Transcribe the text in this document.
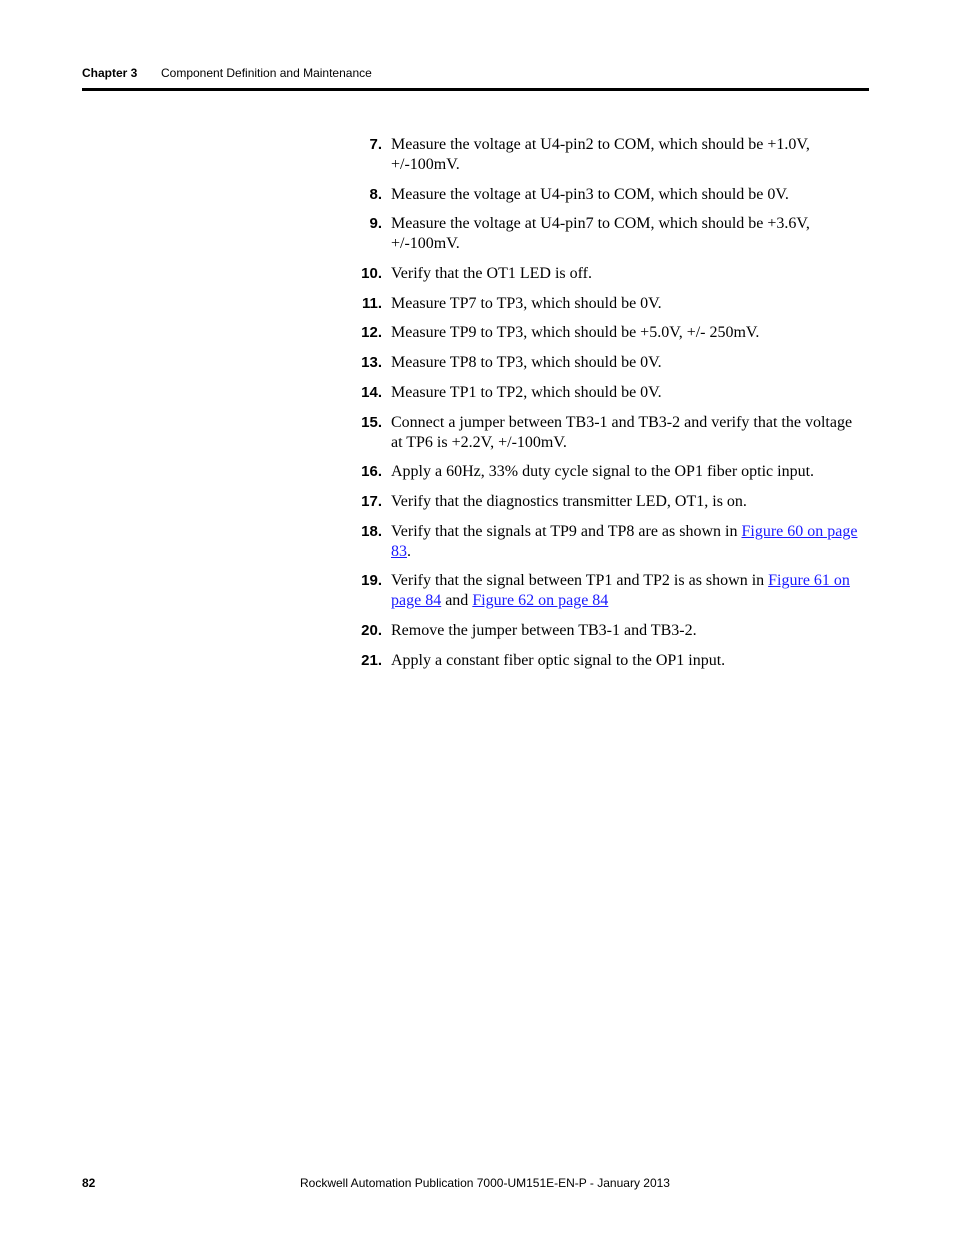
Chapter 3 Component Definition and Maintenance
7. Measure the voltage at U4-pin2 to COM, which should be +1.0V, +/-100mV.
8. Measure the voltage at U4-pin3 to COM, which should be 0V.
9. Measure the voltage at U4-pin7 to COM, which should be +3.6V, +/-100mV.
10. Verify that the OT1 LED is off.
11. Measure TP7 to TP3, which should be 0V.
12. Measure TP9 to TP3, which should be +5.0V, +/- 250mV.
13. Measure TP8 to TP3, which should be 0V.
14. Measure TP1 to TP2, which should be 0V.
15. Connect a jumper between TB3-1 and TB3-2 and verify that the voltage at TP6 is +2.2V, +/-100mV.
16. Apply a 60Hz, 33% duty cycle signal to the OP1 fiber optic input.
17. Verify that the diagnostics transmitter LED, OT1, is on.
18. Verify that the signals at TP9 and TP8 are as shown in Figure 60 on page 83.
19. Verify that the signal between TP1 and TP2 is as shown in Figure 61 on page 84 and Figure 62 on page 84
20. Remove the jumper between TB3-1 and TB3-2.
21. Apply a constant fiber optic signal to the OP1 input.
82	Rockwell Automation Publication 7000-UM151E-EN-P - January 2013
